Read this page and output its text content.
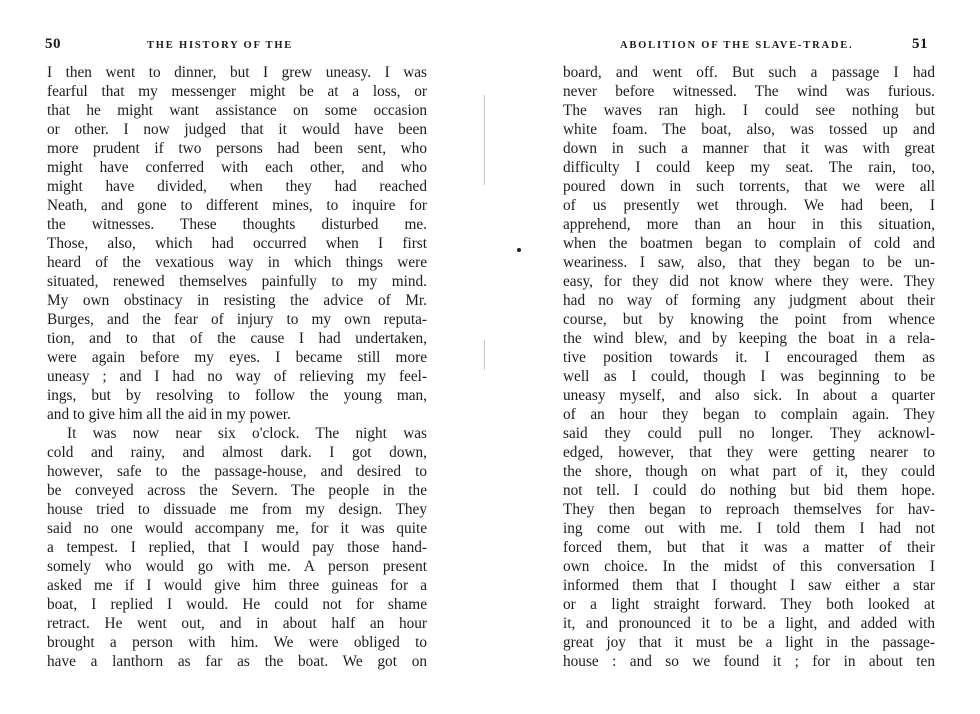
50	THE HISTORY OF THE
I then went to dinner, but I grew uneasy. I was
fearful that my messenger might be at a loss, or
that he might want assistance on some occasion
or other. I now judged that it would have been
more prudent if two persons had been sent, who
might have conferred with each other, and who
might have divided, when they had reached
Neath, and gone to different mines, to inquire for
the witnesses. These thoughts disturbed me.
Those, also, which had occurred when I first
heard of the vexatious way in which things were
situated, renewed themselves painfully to my mind.
My own obstinacy in resisting the advice of Mr.
Burges, and the fear of injury to my own reputa-
tion, and to that of the cause I had undertaken,
were again before my eyes. I became still more
uneasy ; and I had no way of relieving my feel-
ings, but by resolving to follow the young man,
and to give him all the aid in my power.
It was now near six o'clock. The night was
cold and rainy, and almost dark. I got down,
however, safe to the passage-house, and desired to
be conveyed across the Severn. The people in the
house tried to dissuade me from my design. They
said no one would accompany me, for it was quite
a tempest. I replied, that I would pay those hand-
somely who would go with me. A person present
asked me if I would give him three guineas for a
boat, I replied I would. He could not for shame
retract. He went out, and in about half an hour
brought a person with him. We were obliged to
have a lanthorn as far as the boat. We got on
ABOLITION OF THE SLAVE-TRADE.	51
board, and went off. But such a passage I had
never before witnessed. The wind was furious.
The waves ran high. I could see nothing but
white foam. The boat, also, was tossed up and
down in such a manner that it was with great
difficulty I could keep my seat. The rain, too,
poured down in such torrents, that we were all
of us presently wet through. We had been, I
apprehend, more than an hour in this situation,
when the boatmen began to complain of cold and
weariness. I saw, also, that they began to be un-
easy, for they did not know where they were. They
had no way of forming any judgment about their
course, but by knowing the point from whence
the wind blew, and by keeping the boat in a rela-
tive position towards it. I encouraged them as
well as I could, though I was beginning to be
uneasy myself, and also sick. In about a quarter
of an hour they began to complain again. They
said they could pull no longer. They acknowl-
edged, however, that they were getting nearer to
the shore, though on what part of it, they could
not tell. I could do nothing but bid them hope.
They then began to reproach themselves for hav-
ing come out with me. I told them I had not
forced them, but that it was a matter of their
own choice. In the midst of this conversation I
informed them that I thought I saw either a star
or a light straight forward. They both looked at
it, and pronounced it to be a light, and added with
great joy that it must be a light in the passage-
house : and so we found it ; for in about ten
